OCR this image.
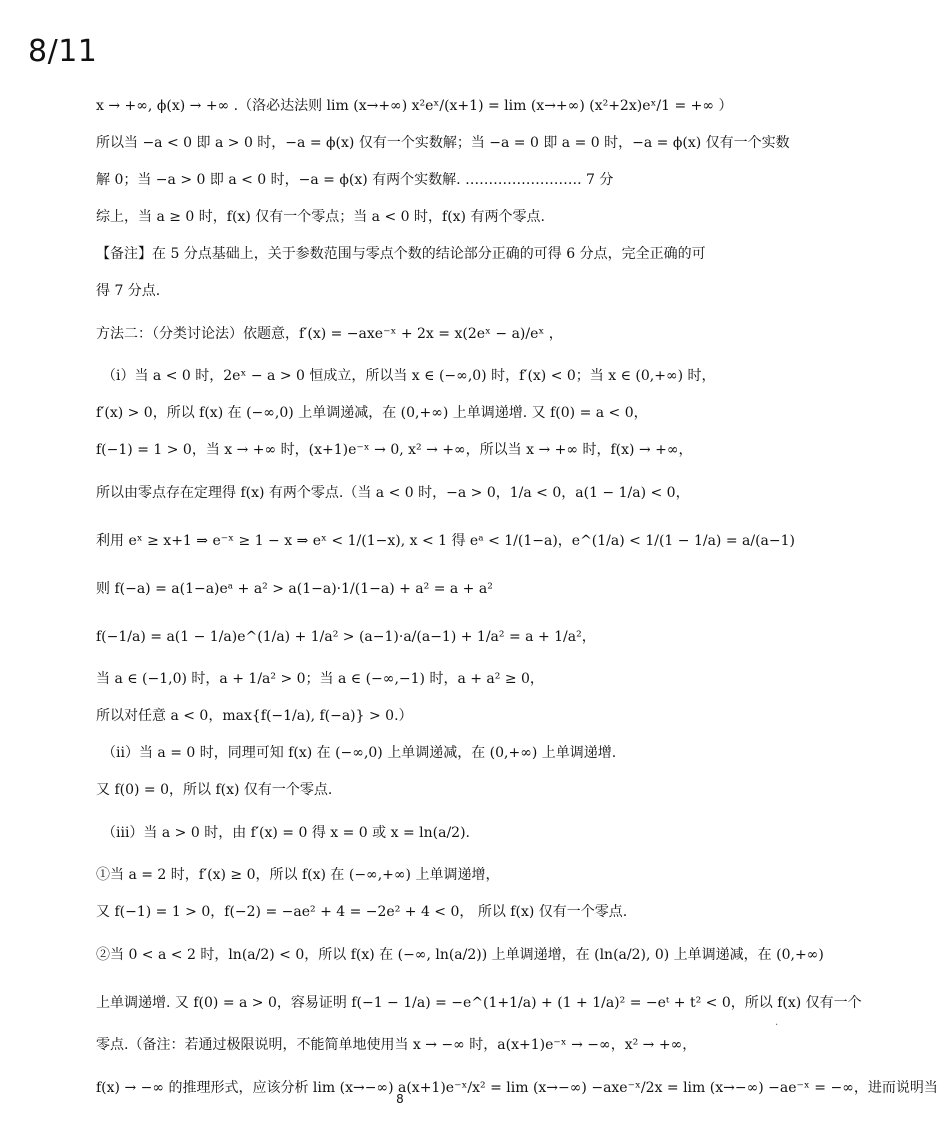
8/11
x → +∞, ϕ(x) → +∞ .（洛必达法则 lim (x→+∞) x²eˣ/(x+1) = lim (x→+∞) (x²+2x)eˣ/1 = +∞ ）
所以当 −a < 0 即 a > 0 时，−a = ϕ(x) 仅有一个实数解；当 −a = 0 即 a = 0 时，−a = ϕ(x) 仅有一个实数
解 0；当 −a > 0 即 a < 0 时，−a = ϕ(x) 有两个实数解. ……………………. 7 分
综上，当 a ≥ 0 时，f(x) 仅有一个零点；当 a < 0 时，f(x) 有两个零点.
【备注】在 5 分点基础上，关于参数范围与零点个数的结论部分正确的可得 6 分点，完全正确的可
得 7 分点.
方法二：（分类讨论法）依题意，f′(x) = −axe⁻ˣ + 2x = x(2eˣ − a)/eˣ ，
（i）当 a < 0 时，2eˣ − a > 0 恒成立，所以当 x ∈ (−∞,0) 时，f′(x) < 0；当 x ∈ (0,+∞) 时，
f′(x) > 0，所以 f(x) 在 (−∞,0) 上单调递减，在 (0,+∞) 上单调递增. 又 f(0) = a < 0，
f(−1) = 1 > 0，当 x → +∞ 时，(x+1)e⁻ˣ → 0, x² → +∞，所以当 x → +∞ 时，f(x) → +∞，
所以由零点存在定理得 f(x) 有两个零点.（当 a < 0 时，−a > 0，1/a < 0，a(1 − 1/a) < 0，
利用 eˣ ≥ x+1 ⇒ e⁻ˣ ≥ 1 − x ⇒ eˣ < 1/(1−x), x < 1 得 eᵃ < 1/(1−a)，e^(1/a) < 1/(1 − 1/a) = a/(a−1)
则 f(−a) = a(1−a)eᵃ + a² > a(1−a)·1/(1−a) + a² = a + a²
f(−1/a) = a(1 − 1/a)e^(1/a) + 1/a² > (a−1)·a/(a−1) + 1/a² = a + 1/a²，
当 a ∈ (−1,0) 时，a + 1/a² > 0；当 a ∈ (−∞,−1) 时，a + a² ≥ 0，
所以对任意 a < 0，max{f(−1/a), f(−a)} > 0.）
（ii）当 a = 0 时，同理可知 f(x) 在 (−∞,0) 上单调递减，在 (0,+∞) 上单调递增.
又 f(0) = 0，所以 f(x) 仅有一个零点.
（iii）当 a > 0 时，由 f′(x) = 0 得 x = 0 或 x = ln(a/2).
①当 a = 2 时，f′(x) ≥ 0，所以 f(x) 在 (−∞,+∞) 上单调递增，
又 f(−1) = 1 > 0，f(−2) = −ae² + 4 = −2e² + 4 < 0， 所以 f(x) 仅有一个零点.
②当 0 < a < 2 时，ln(a/2) < 0，所以 f(x) 在 (−∞, ln(a/2)) 上单调递增，在 (ln(a/2), 0) 上单调递减，在 (0,+∞)
上单调递增. 又 f(0) = a > 0，容易证明 f(−1 − 1/a) = −e^(1+1/a) + (1 + 1/a)² = −eᵗ + t² < 0，所以 f(x) 仅有一个
零点.（备注：若通过极限说明，不能简单地使用当 x → −∞ 时，a(x+1)e⁻ˣ → −∞，x² → +∞，
f(x) → −∞ 的推理形式，应该分析 lim (x→−∞) a(x+1)e⁻ˣ/x² = lim (x→−∞) −axe⁻ˣ/2x = lim (x→−∞) −ae⁻ˣ = −∞，进而说明当
·
8
